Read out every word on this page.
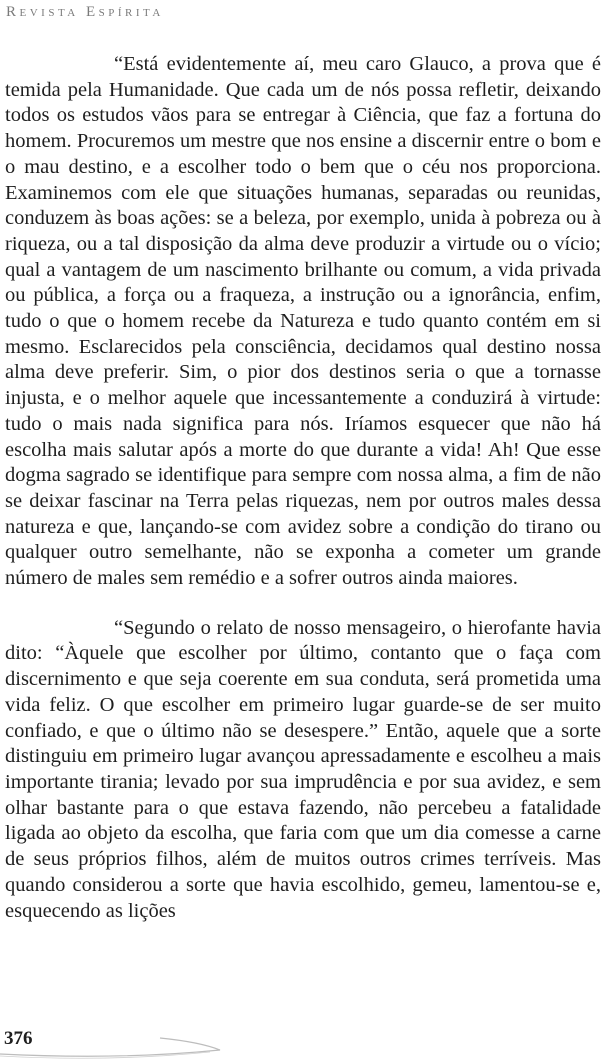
Revista Espírita

“Está evidentemente aí, meu caro Glauco, a prova que é temida pela Humanidade. Que cada um de nós possa refletir, deixando todos os estudos vãos para se entregar à Ciência, que faz a fortuna do homem. Procuremos um mestre que nos ensine a discernir entre o bom e o mau destino, e a escolher todo o bem que o céu nos proporciona. Examinemos com ele que situações humanas, separadas ou reunidas, conduzem às boas ações: se a beleza, por exemplo, unida à pobreza ou à riqueza, ou a tal disposição da alma deve produzir a virtude ou o vício; qual a vantagem de um nascimento brilhante ou comum, a vida privada ou pública, a força ou a fraqueza, a instrução ou a ignorância, enfim, tudo o que o homem recebe da Natureza e tudo quanto contém em si mesmo. Esclarecidos pela consciência, decidamos qual destino nossa alma deve preferir. Sim, o pior dos destinos seria o que a tornasse injusta, e o melhor aquele que incessantemente a conduzirá à virtude: tudo o mais nada significa para nós. Iríamos esquecer que não há escolha mais salutar após a morte do que durante a vida! Ah! Que esse dogma sagrado se identifique para sempre com nossa alma, a fim de não se deixar fascinar na Terra pelas riquezas, nem por outros males dessa natureza e que, lançando-se com avidez sobre a condição do tirano ou qualquer outro semelhante, não se exponha a cometer um grande número de males sem remédio e a sofrer outros ainda maiores.

“Segundo o relato de nosso mensageiro, o hierofante havia dito: “Àquele que escolher por último, contanto que o faça com discernimento e que seja coerente em sua conduta, será prometida uma vida feliz. O que escolher em primeiro lugar guarde-se de ser muito confiado, e que o último não se desespere.” Então, aquele que a sorte distinguiu em primeiro lugar avançou apressadamente e escolheu a mais importante tirania; levado por sua imprudência e por sua avidez, e sem olhar bastante para o que estava fazendo, não percebeu a fatalidade ligada ao objeto da escolha, que faria com que um dia comesse a carne de seus próprios filhos, além de muitos outros crimes terríveis. Mas quando considerou a sorte que havia escolhido, gemeu, lamentou-se e, esquecendo as lições

376
